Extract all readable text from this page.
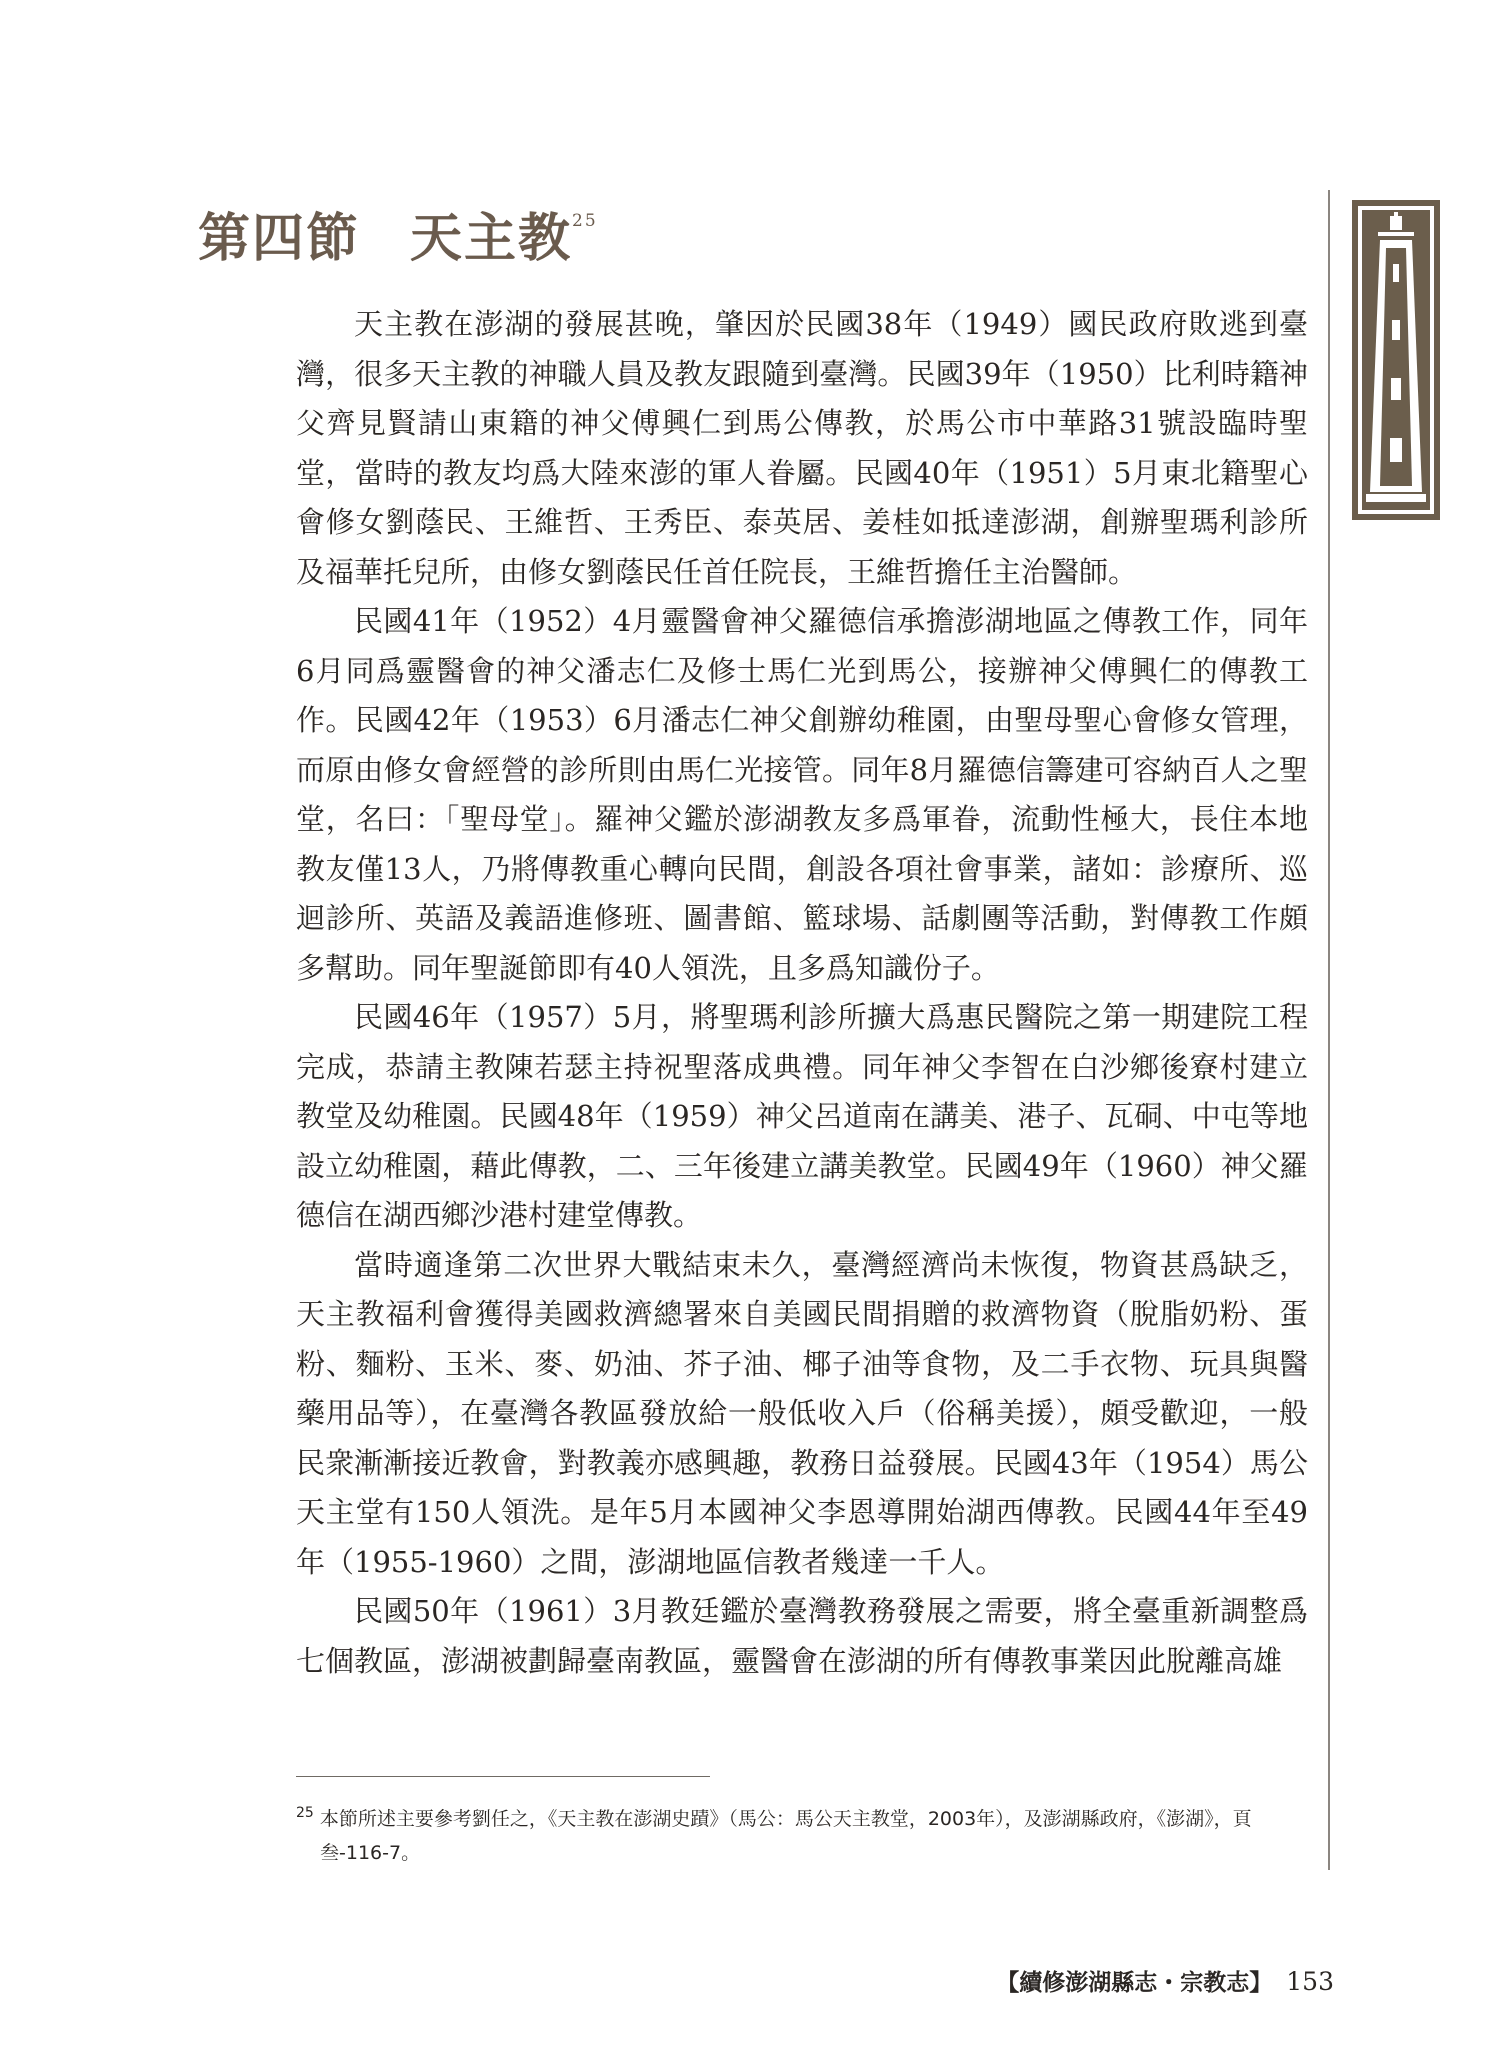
第四節 天主教$^{25}$

天主教在澎湖的發展甚晚，肇因於民國38年（1949）國民政府敗逃到臺灣，很多天主教的神職人員及教友跟隨到臺灣。民國39年（1950）比利時籍神父齊見賢請山東籍的神父傅興仁到馬公傳教，於馬公市中華路31號設臨時聖堂，當時的教友均爲大陸來澎的軍人眷屬。民國40年（1951）5月東北籍聖心會修女劉蔭民、王維哲、王秀臣、泰英居、姜桂如抵達澎湖，創辦聖瑪利診所及福華托兒所，由修女劉蔭民任首任院長，王維哲擔任主治醫師。

民國41年（1952）4月靈醫會神父羅德信承擔澎湖地區之傳教工作，同年6月同爲靈醫會的神父潘志仁及修士馬仁光到馬公，接辦神父傅興仁的傳教工作。民國42年（1953）6月潘志仁神父創辦幼稚園，由聖母聖心會修女管理，而原由修女會經營的診所則由馬仁光接管。同年8月羅德信籌建可容納百人之聖堂，名曰：「聖母堂」。羅神父鑑於澎湖教友多爲軍眷，流動性極大，長住本地教友僅13人，乃將傳教重心轉向民間，創設各項社會事業，諸如：診療所、巡迴診所、英語及義語進修班、圖書館、籃球場、話劇團等活動，對傳教工作頗多幫助。同年聖誕節即有40人領洗，且多爲知識份子。

民國46年（1957）5月，將聖瑪利診所擴大爲惠民醫院之第一期建院工程完成，恭請主教陳若瑟主持祝聖落成典禮。同年神父李智在白沙鄉後寮村建立教堂及幼稚園。民國48年（1959）神父呂道南在講美、港子、瓦硐、中屯等地設立幼稚園，藉此傳教，二、三年後建立講美教堂。民國49年（1960）神父羅德信在湖西鄉沙港村建堂傳教。

當時適逢第二次世界大戰結束未久，臺灣經濟尚未恢復，物資甚爲缺乏，天主教福利會獲得美國救濟總署來自美國民間捐贈的救濟物資（脫脂奶粉、蛋粉、麵粉、玉米、麥、奶油、芥子油、椰子油等食物，及二手衣物、玩具與醫藥用品等），在臺灣各教區發放給一般低收入戶（俗稱美援），頗受歡迎，一般民衆漸漸接近教會，對教義亦感興趣，教務日益發展。民國43年（1954）馬公天主堂有150人領洗。是年5月本國神父李恩導開始湖西傳教。民國44年至49年（1955-1960）之間，澎湖地區信教者幾達一千人。

民國50年（1961）3月教廷鑑於臺灣教務發展之需要，將全臺重新調整爲七個教區，澎湖被劃歸臺南教區，靈醫會在澎湖的所有傳教事業因此脫離高雄

$^{25}$ 本節所述主要參考劉任之，《天主教在澎湖史蹟》（馬公：馬公天主教堂，2003年），及澎湖縣政府，《澎湖》，頁叁-116-7。
【續修澎湖縣志・宗教志】 153
